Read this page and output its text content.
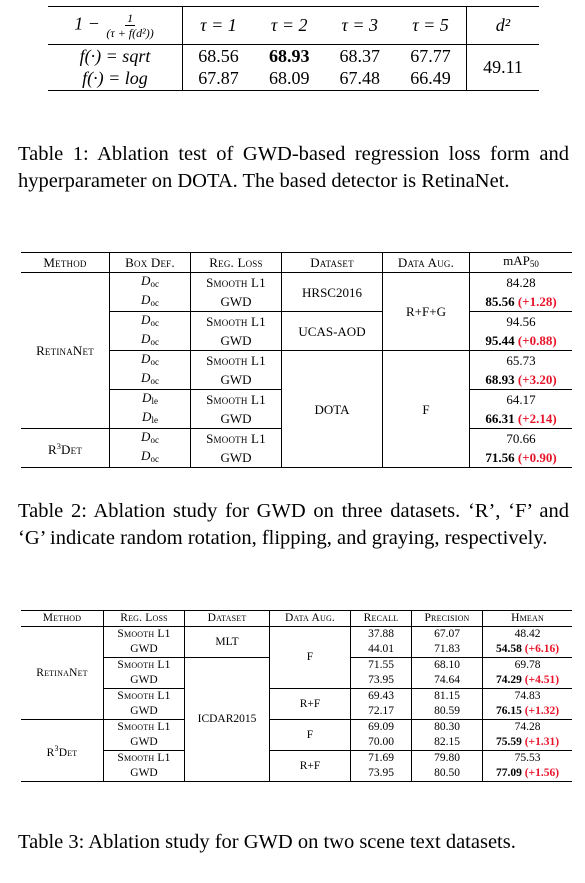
$1 - \frac{1}{\text{(τ + f(d²))}}$	τ = 1	τ = 2	τ = 3	τ = 5	d²
f(·) = sqrt	68.56	68.93	68.37	67.77	49.11
f(·) = log	67.87	68.09	67.48	66.49	
Table 1: Ablation test of GWD-based regression loss form and hyperparameter on DOTA. The based detector is RetinaNet.
Method	Box Def.	Reg. Loss	Dataset	Data Aug.	mAP$_{50}$
RetinaNet	$D_{oc}$	Smooth L1	HRSC2016	R+F+G	84.28
	$D_{oc}$	GWD			85.56 (+1.28)
	$D_{oc}$	Smooth L1	UCAS-AOD		94.56
	$D_{oc}$	GWD			95.44 (+0.88)
	$D_{oc}$	Smooth L1	DOTA	F	65.73
	$D_{oc}$	GWD			68.93 (+3.20)
	$D_{le}$	Smooth L1			64.17
	$D_{le}$	GWD			66.31 (+2.14)
$R^3Det$	$D_{oc}$	Smooth L1			70.66
	$D_{oc}$	GWD			71.56 (+0.90)
Table 2: Ablation study for GWD on three datasets. ‘R’, ‘F’ and ‘G’ indicate random rotation, flipping, and graying, respectively.
Method	Reg. Loss	Dataset	Data Aug.	Recall	Precision	Hmean
RetinaNet	Smooth L1	MLT	F	37.88	67.07	48.42
	GWD			44.01	71.83	54.58 (+6.16)
	Smooth L1	ICDAR2015		71.55	68.10	69.78
	GWD			73.95	74.64	74.29 (+4.51)
	Smooth L1		R+F	69.43	81.15	74.83
	GWD			72.17	80.59	76.15 (+1.32)
$R^3Det$	Smooth L1		F	69.09	80.30	74.28
	GWD			70.00	82.15	75.59 (+1.31)
	Smooth L1		R+F	71.69	79.80	75.53
	GWD			73.95	80.50	77.09 (+1.56)
Table 3: Ablation study for GWD on two scene text datasets.
